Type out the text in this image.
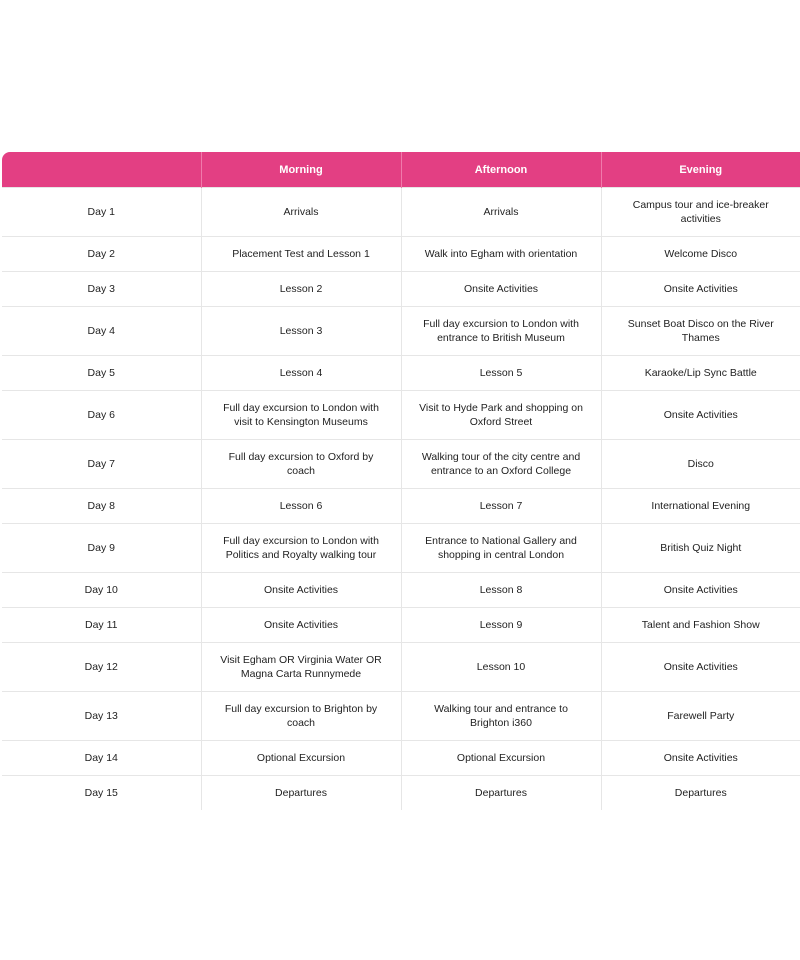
	Morning	Afternoon	Evening
Day 1	Arrivals	Arrivals	Campus tour and ice-breaker activities
Day 2	Placement Test and Lesson 1	Walk into Egham with orientation	Welcome Disco
Day 3	Lesson 2	Onsite Activities	Onsite Activities
Day 4	Lesson 3	Full day excursion to London with entrance to British Museum	Sunset Boat Disco on the River Thames
Day 5	Lesson 4	Lesson 5	Karaoke/Lip Sync Battle
Day 6	Full day excursion to London with visit to Kensington Museums	Visit to Hyde Park and shopping on Oxford Street	Onsite Activities
Day 7	Full day excursion to Oxford by coach	Walking tour of the city centre and entrance to an Oxford College	Disco
Day 8	Lesson 6	Lesson 7	International Evening
Day 9	Full day excursion to London with Politics and Royalty walking tour	Entrance to National Gallery and shopping in central London	British Quiz Night
Day 10	Onsite Activities	Lesson 8	Onsite Activities
Day 11	Onsite Activities	Lesson 9	Talent and Fashion Show
Day 12	Visit Egham OR Virginia Water OR Magna Carta Runnymede	Lesson 10	Onsite Activities
Day 13	Full day excursion to Brighton by coach	Walking tour and entrance to Brighton i360	Farewell Party
Day 14	Optional Excursion	Optional Excursion	Onsite Activities
Day 15	Departures	Departures	Departures
